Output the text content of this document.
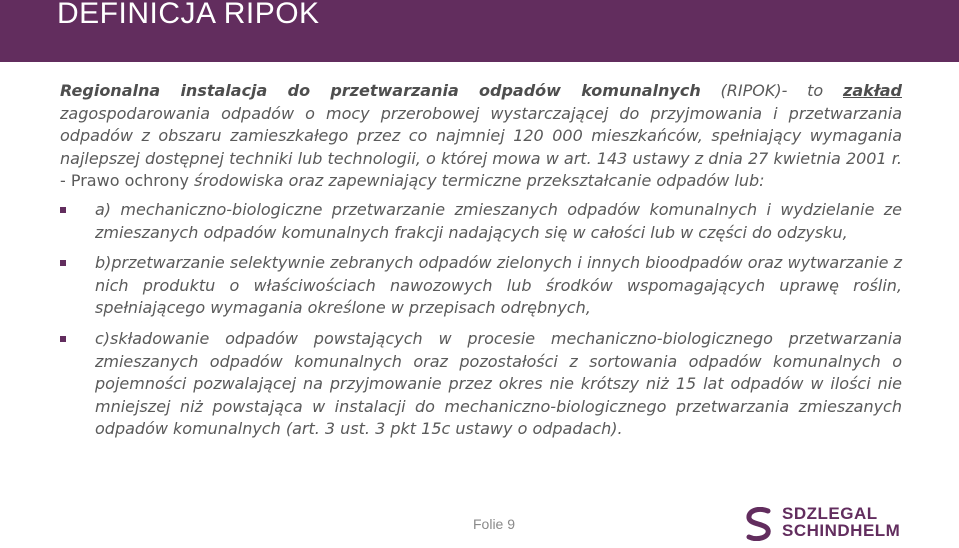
DEFINICJA RIPOK

Regionalna instalacja do przetwarzania odpadów komunalnych (RIPOK)- to zakład zagospodarowania odpadów o mocy przerobowej wystarczającej do przyjmowania i przetwarzania odpadów z obszaru zamieszkałego przez co najmniej 120 000 mieszkańców, spełniający wymagania najlepszej dostępnej techniki lub technologii, o której mowa w art. 143 ustawy z dnia 27 kwietnia 2001 r. - Prawo ochrony środowiska oraz zapewniający termiczne przekształcanie odpadów lub:

a) mechaniczno-biologiczne przetwarzanie zmieszanych odpadów komunalnych i wydzielanie ze zmieszanych odpadów komunalnych frakcji nadających się w całości lub w części do odzysku,
b)przetwarzanie selektywnie zebranych odpadów zielonych i innych bioodpadów oraz wytwarzanie z nich produktu o właściwościach nawozowych lub środków wspomagających uprawę roślin, spełniającego wymagania określone w przepisach odrębnych,
c)składowanie odpadów powstających w procesie mechaniczno-biologicznego przetwarzania zmieszanych odpadów komunalnych oraz pozostałości z sortowania odpadów komunalnych o pojemności pozwalającej na przyjmowanie przez okres nie krótszy niż 15 lat odpadów w ilości nie mniejszej niż powstająca w instalacji do mechaniczno-biologicznego przetwarzania zmieszanych odpadów komunalnych (art. 3 ust. 3 pkt 15c ustawy o odpadach).
Folie 9
SDZLEGAL
SCHINDHELM
